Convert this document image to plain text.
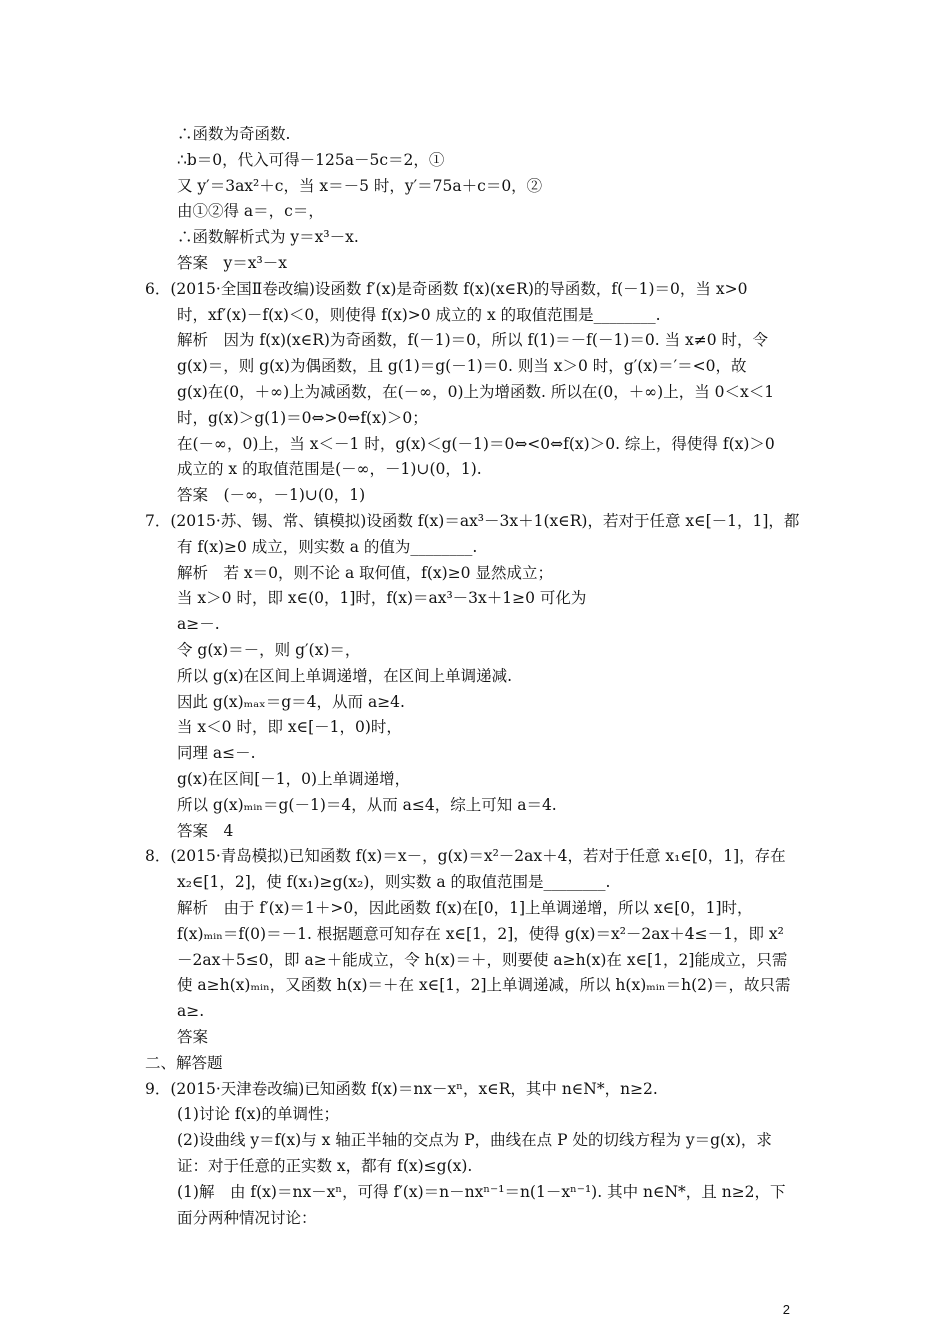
∴函数为奇函数.
∴b＝0，代入可得－125a－5c＝2，①
又 y′＝3ax²＋c，当 x＝－5 时，y′＝75a＋c＝0，②
由①②得 a＝，c＝，
∴函数解析式为 y＝x³－x.
答案　y＝x³－x
6．(2015·全国Ⅱ卷改编)设函数 f′(x)是奇函数 f(x)(x∈R)的导函数，f(－1)＝0，当 x>0
时，xf′(x)－f(x)＜0，则使得 f(x)>0 成立的 x 的取值范围是________.
解析　因为 f(x)(x∈R)为奇函数，f(－1)＝0，所以 f(1)＝－f(－1)＝0. 当 x≠0 时，令
g(x)＝，则 g(x)为偶函数，且 g(1)＝g(－1)＝0. 则当 x＞0 时，g′(x)＝′＝<0，故
g(x)在(0，＋∞)上为减函数，在(－∞，0)上为增函数. 所以在(0，＋∞)上，当 0＜x＜1
时，g(x)＞g(1)＝0⇔>0⇔f(x)＞0；
在(－∞，0)上，当 x＜－1 时，g(x)＜g(－1)＝0⇔<0⇔f(x)＞0. 综上，得使得 f(x)＞0
成立的 x 的取值范围是(－∞，－1)∪(0，1).
答案　(－∞，－1)∪(0，1)
7．(2015·苏、锡、常、镇模拟)设函数 f(x)＝ax³－3x＋1(x∈R)，若对于任意 x∈[－1，1]，都
有 f(x)≥0 成立，则实数 a 的值为________.
解析　若 x＝0，则不论 a 取何值，f(x)≥0 显然成立；
当 x＞0 时，即 x∈(0，1]时，f(x)＝ax³－3x＋1≥0 可化为
a≥－.
令 g(x)＝－，则 g′(x)＝，
所以 g(x)在区间上单调递增，在区间上单调递减.
因此 g(x)ₘₐₓ＝g＝4，从而 a≥4.
当 x＜0 时，即 x∈[－1，0)时，
同理 a≤－.
g(x)在区间[－1，0)上单调递增，
所以 g(x)ₘᵢₙ＝g(－1)＝4，从而 a≤4，综上可知 a＝4.
答案　4
8．(2015·青岛模拟)已知函数 f(x)＝x－，g(x)＝x²－2ax＋4，若对于任意 x₁∈[0，1]，存在
x₂∈[1，2]，使 f(x₁)≥g(x₂)，则实数 a 的取值范围是________.
解析　由于 f′(x)＝1＋>0，因此函数 f(x)在[0，1]上单调递增，所以 x∈[0，1]时，
f(x)ₘᵢₙ＝f(0)＝－1. 根据题意可知存在 x∈[1，2]，使得 g(x)＝x²－2ax＋4≤－1，即 x²
－2ax＋5≤0，即 a≥＋能成立，令 h(x)＝＋，则要使 a≥h(x)在 x∈[1，2]能成立，只需
使 a≥h(x)ₘᵢₙ，又函数 h(x)＝＋在 x∈[1，2]上单调递减，所以 h(x)ₘᵢₙ＝h(2)＝，故只需
a≥.
答案
二、解答题
9．(2015·天津卷改编)已知函数 f(x)＝nx－xⁿ，x∈R，其中 n∈N*，n≥2.
(1)讨论 f(x)的单调性；
(2)设曲线 y＝f(x)与 x 轴正半轴的交点为 P，曲线在点 P 处的切线方程为 y＝g(x)，求
证：对于任意的正实数 x，都有 f(x)≤g(x).
(1)解　由 f(x)＝nx－xⁿ，可得 f′(x)＝n－nxⁿ⁻¹＝n(1－xⁿ⁻¹). 其中 n∈N*，且 n≥2，下
面分两种情况讨论：
2
